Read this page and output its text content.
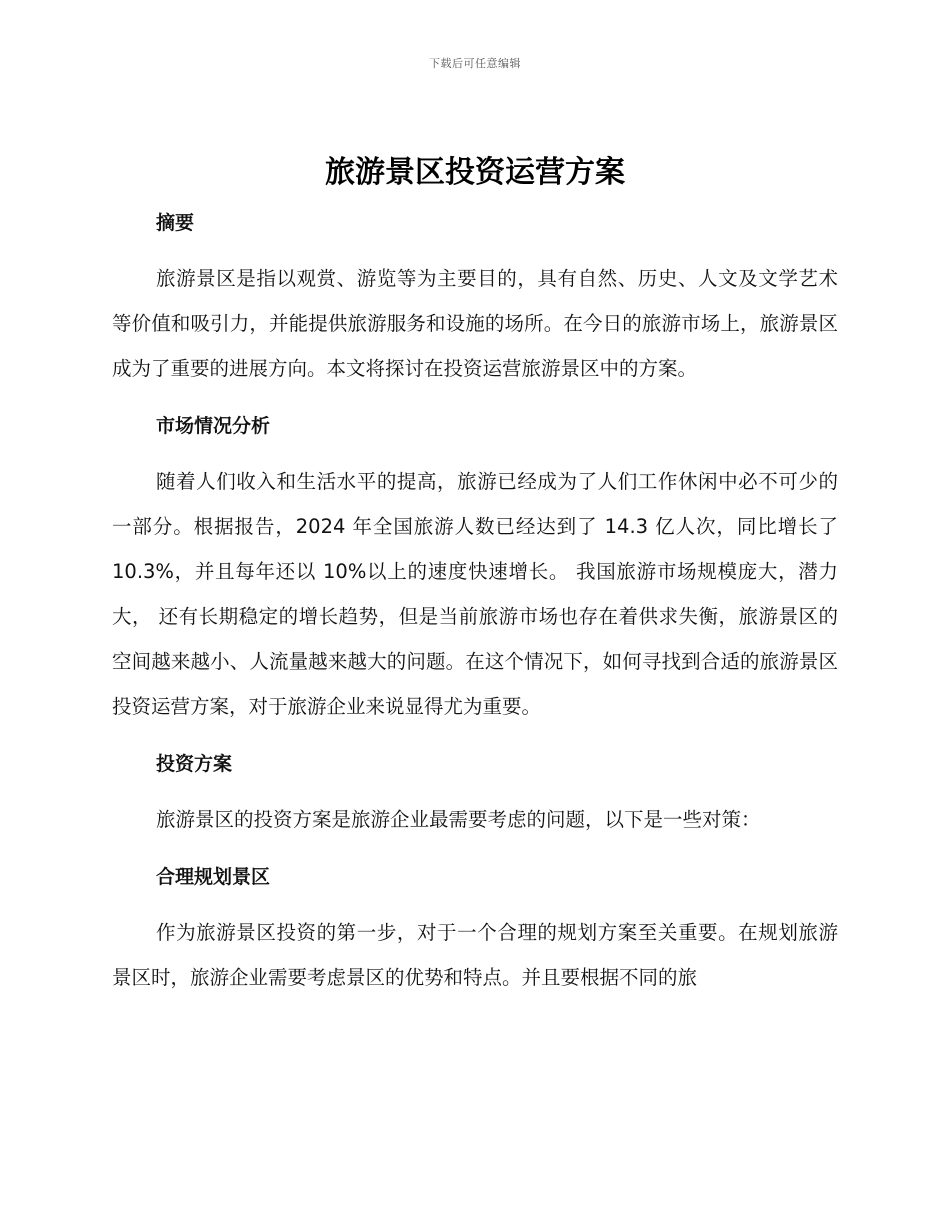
下载后可任意编辑
旅游景区投资运营方案
摘要

旅游景区是指以观赏、游览等为主要目的，具有自然、历史、人文及文学艺术等价值和吸引力，并能提供旅游服务和设施的场所。在今日的旅游市场上，旅游景区成为了重要的进展方向。本文将探讨在投资运营旅游景区中的方案。

市场情况分析

随着人们收入和生活水平的提高，旅游已经成为了人们工作休闲中必不可少的一部分。根据报告，2024 年全国旅游人数已经达到了 14.3 亿人次，同比增长了 10.3%，并且每年还以 10%以上的速度快速增长。 我国旅游市场规模庞大，潜力大， 还有长期稳定的增长趋势，但是当前旅游市场也存在着供求失衡，旅游景区的空间越来越小、人流量越来越大的问题。在这个情况下，如何寻找到合适的旅游景区投资运营方案，对于旅游企业来说显得尤为重要。

投资方案

旅游景区的投资方案是旅游企业最需要考虑的问题，以下是一些对策：

合理规划景区

作为旅游景区投资的第一步，对于一个合理的规划方案至关重要。在规划旅游景区时，旅游企业需要考虑景区的优势和特点。并且要根据不同的旅
